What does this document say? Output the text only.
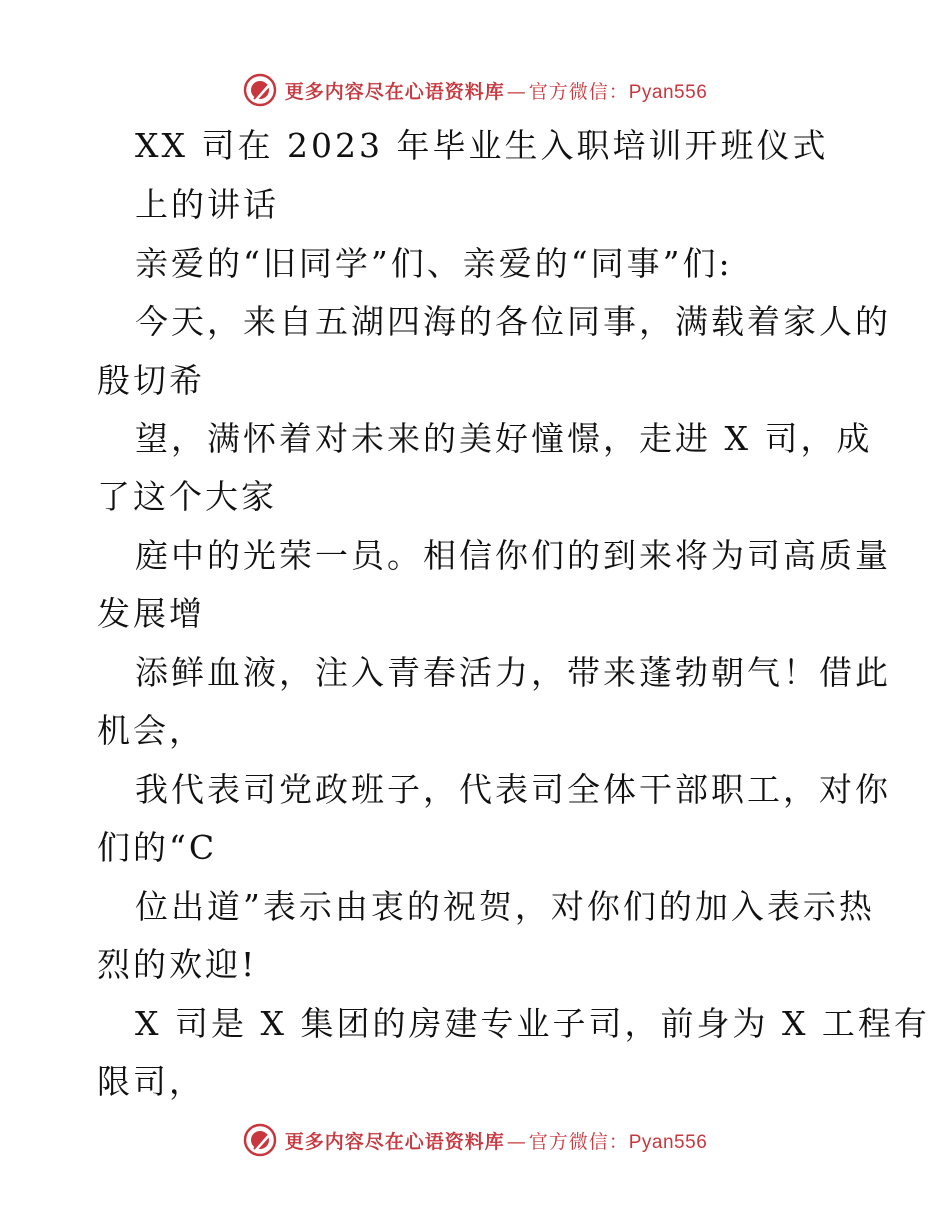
更多内容尽在心语资料库 — 官方微信： Pyan556
XX 司在 2023 年毕业生入职培训开班仪式
上的讲话
亲爱的“旧同学”们、亲爱的“同事”们:
今天，来自五湖四海的各位同事，满载着家人的
殷切希
望，满怀着对未来的美好憧憬，走进 X 司，成
了这个大家
庭中的光荣一员。相信你们的到来将为司高质量
发展增
添鲜血液，注入青春活力，带来蓬勃朝气！借此
机会，
我代表司党政班子，代表司全体干部职工，对你
们的“C
位出道”表示由衷的祝贺，对你们的加入表示热
烈的欢迎!
X 司是 X 集团的房建专业子司，前身为 X 工程有
限司，
更多内容尽在心语资料库 — 官方微信： Pyan556
